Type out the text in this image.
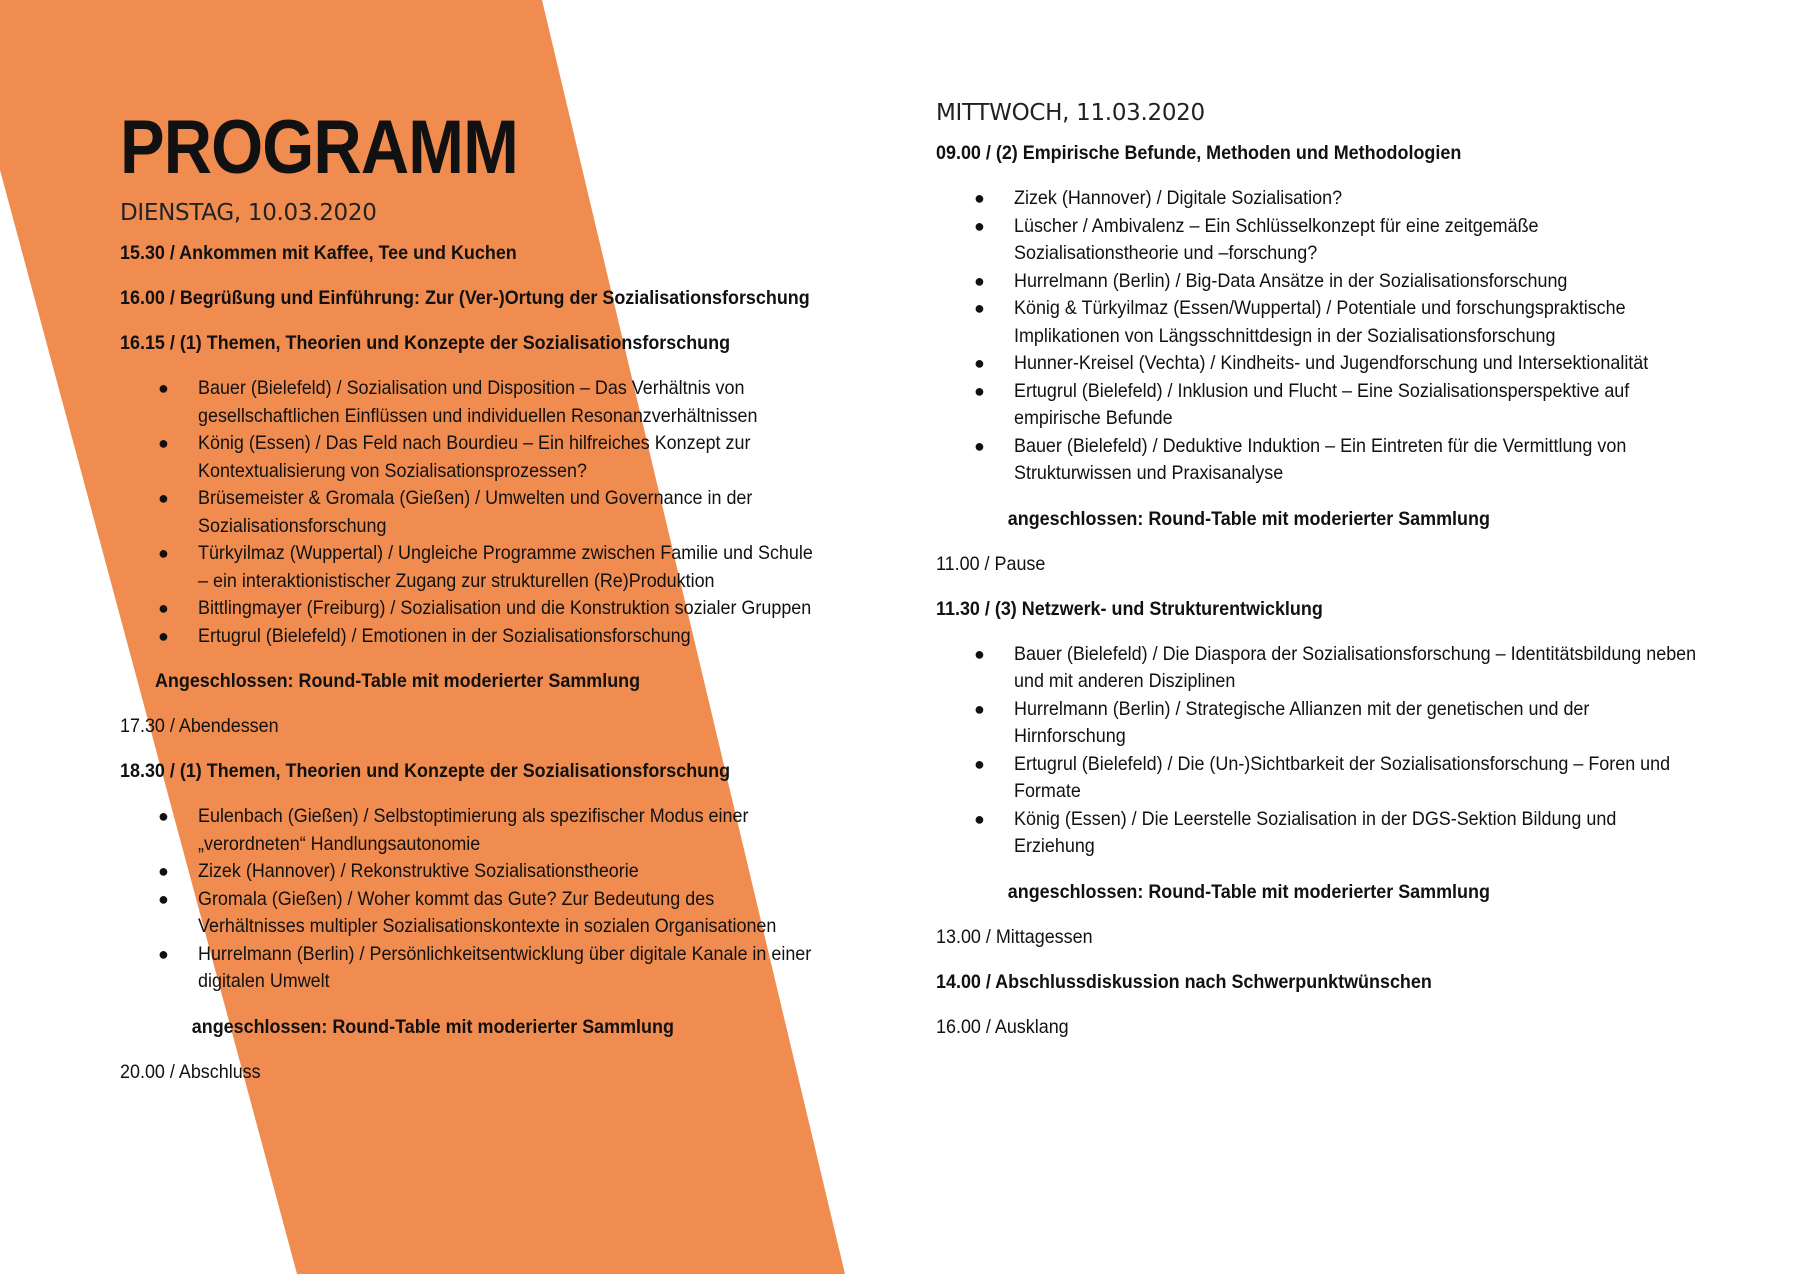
PROGRAMM
DIENSTAG, 10.03.2020
15.30 / Ankommen mit Kaffee, Tee und Kuchen
16.00 / Begrüßung und Einführung: Zur (Ver-)Ortung der Sozialisationsforschung
16.15 / (1) Themen, Theorien und Konzepte der Sozialisationsforschung
● Bauer (Bielefeld) / Sozialisation und Disposition – Das Verhältnis von gesellschaftlichen Einflüssen und individuellen Resonanzverhältnissen
● König (Essen) / Das Feld nach Bourdieu – Ein hilfreiches Konzept zur Kontextualisierung von Sozialisationsprozessen?
● Brüsemeister & Gromala (Gießen) / Umwelten und Governance in der Sozialisationsforschung
● Türkyilmaz (Wuppertal) / Ungleiche Programme zwischen Familie und Schule – ein interaktionistischer Zugang zur strukturellen (Re)Produktion
● Bittlingmayer (Freiburg) / Sozialisation und die Konstruktion sozialer Gruppen
● Ertugrul (Bielefeld) / Emotionen in der Sozialisationsforschung
Angeschlossen: Round-Table mit moderierter Sammlung
17.30 / Abendessen
18.30 / (1) Themen, Theorien und Konzepte der Sozialisationsforschung
● Eulenbach (Gießen) / Selbstoptimierung als spezifischer Modus einer „verordneten“ Handlungsautonomie
● Zizek (Hannover) / Rekonstruktive Sozialisationstheorie
● Gromala (Gießen) / Woher kommt das Gute? Zur Bedeutung des Verhältnisses multipler Sozialisationskontexte in sozialen Organisationen
● Hurrelmann (Berlin) / Persönlichkeitsentwicklung über digitale Kanale in einer digitalen Umwelt
angeschlossen: Round-Table mit moderierter Sammlung
20.00 / Abschluss
MITTWOCH, 11.03.2020
09.00 / (2) Empirische Befunde, Methoden und Methodologien
● Zizek (Hannover) / Digitale Sozialisation?
● Lüscher / Ambivalenz – Ein Schlüsselkonzept für eine zeitgemäße Sozialisationstheorie und –forschung?
● Hurrelmann (Berlin) / Big-Data Ansätze in der Sozialisationsforschung
● König & Türkyilmaz (Essen/Wuppertal) / Potentiale und forschungspraktische Implikationen von Längsschnittdesign in der Sozialisationsforschung
● Hunner-Kreisel (Vechta) / Kindheits- und Jugendforschung und Intersektionalität
● Ertugrul (Bielefeld) / Inklusion und Flucht – Eine Sozialisationsperspektive auf empirische Befunde
● Bauer (Bielefeld) / Deduktive Induktion – Ein Eintreten für die Vermittlung von Strukturwissen und Praxisanalyse
angeschlossen: Round-Table mit moderierter Sammlung
11.00 / Pause
11.30 / (3) Netzwerk- und Strukturentwicklung
● Bauer (Bielefeld) / Die Diaspora der Sozialisationsforschung – Identitätsbildung neben und mit anderen Disziplinen
● Hurrelmann (Berlin) / Strategische Allianzen mit der genetischen und der Hirnforschung
● Ertugrul (Bielefeld) / Die (Un-)Sichtbarkeit der Sozialisationsforschung – Foren und Formate
● König (Essen) / Die Leerstelle Sozialisation in der DGS-Sektion Bildung und Erziehung
angeschlossen: Round-Table mit moderierter Sammlung
13.00 / Mittagessen
14.00 / Abschlussdiskussion nach Schwerpunktwünschen
16.00 / Ausklang
